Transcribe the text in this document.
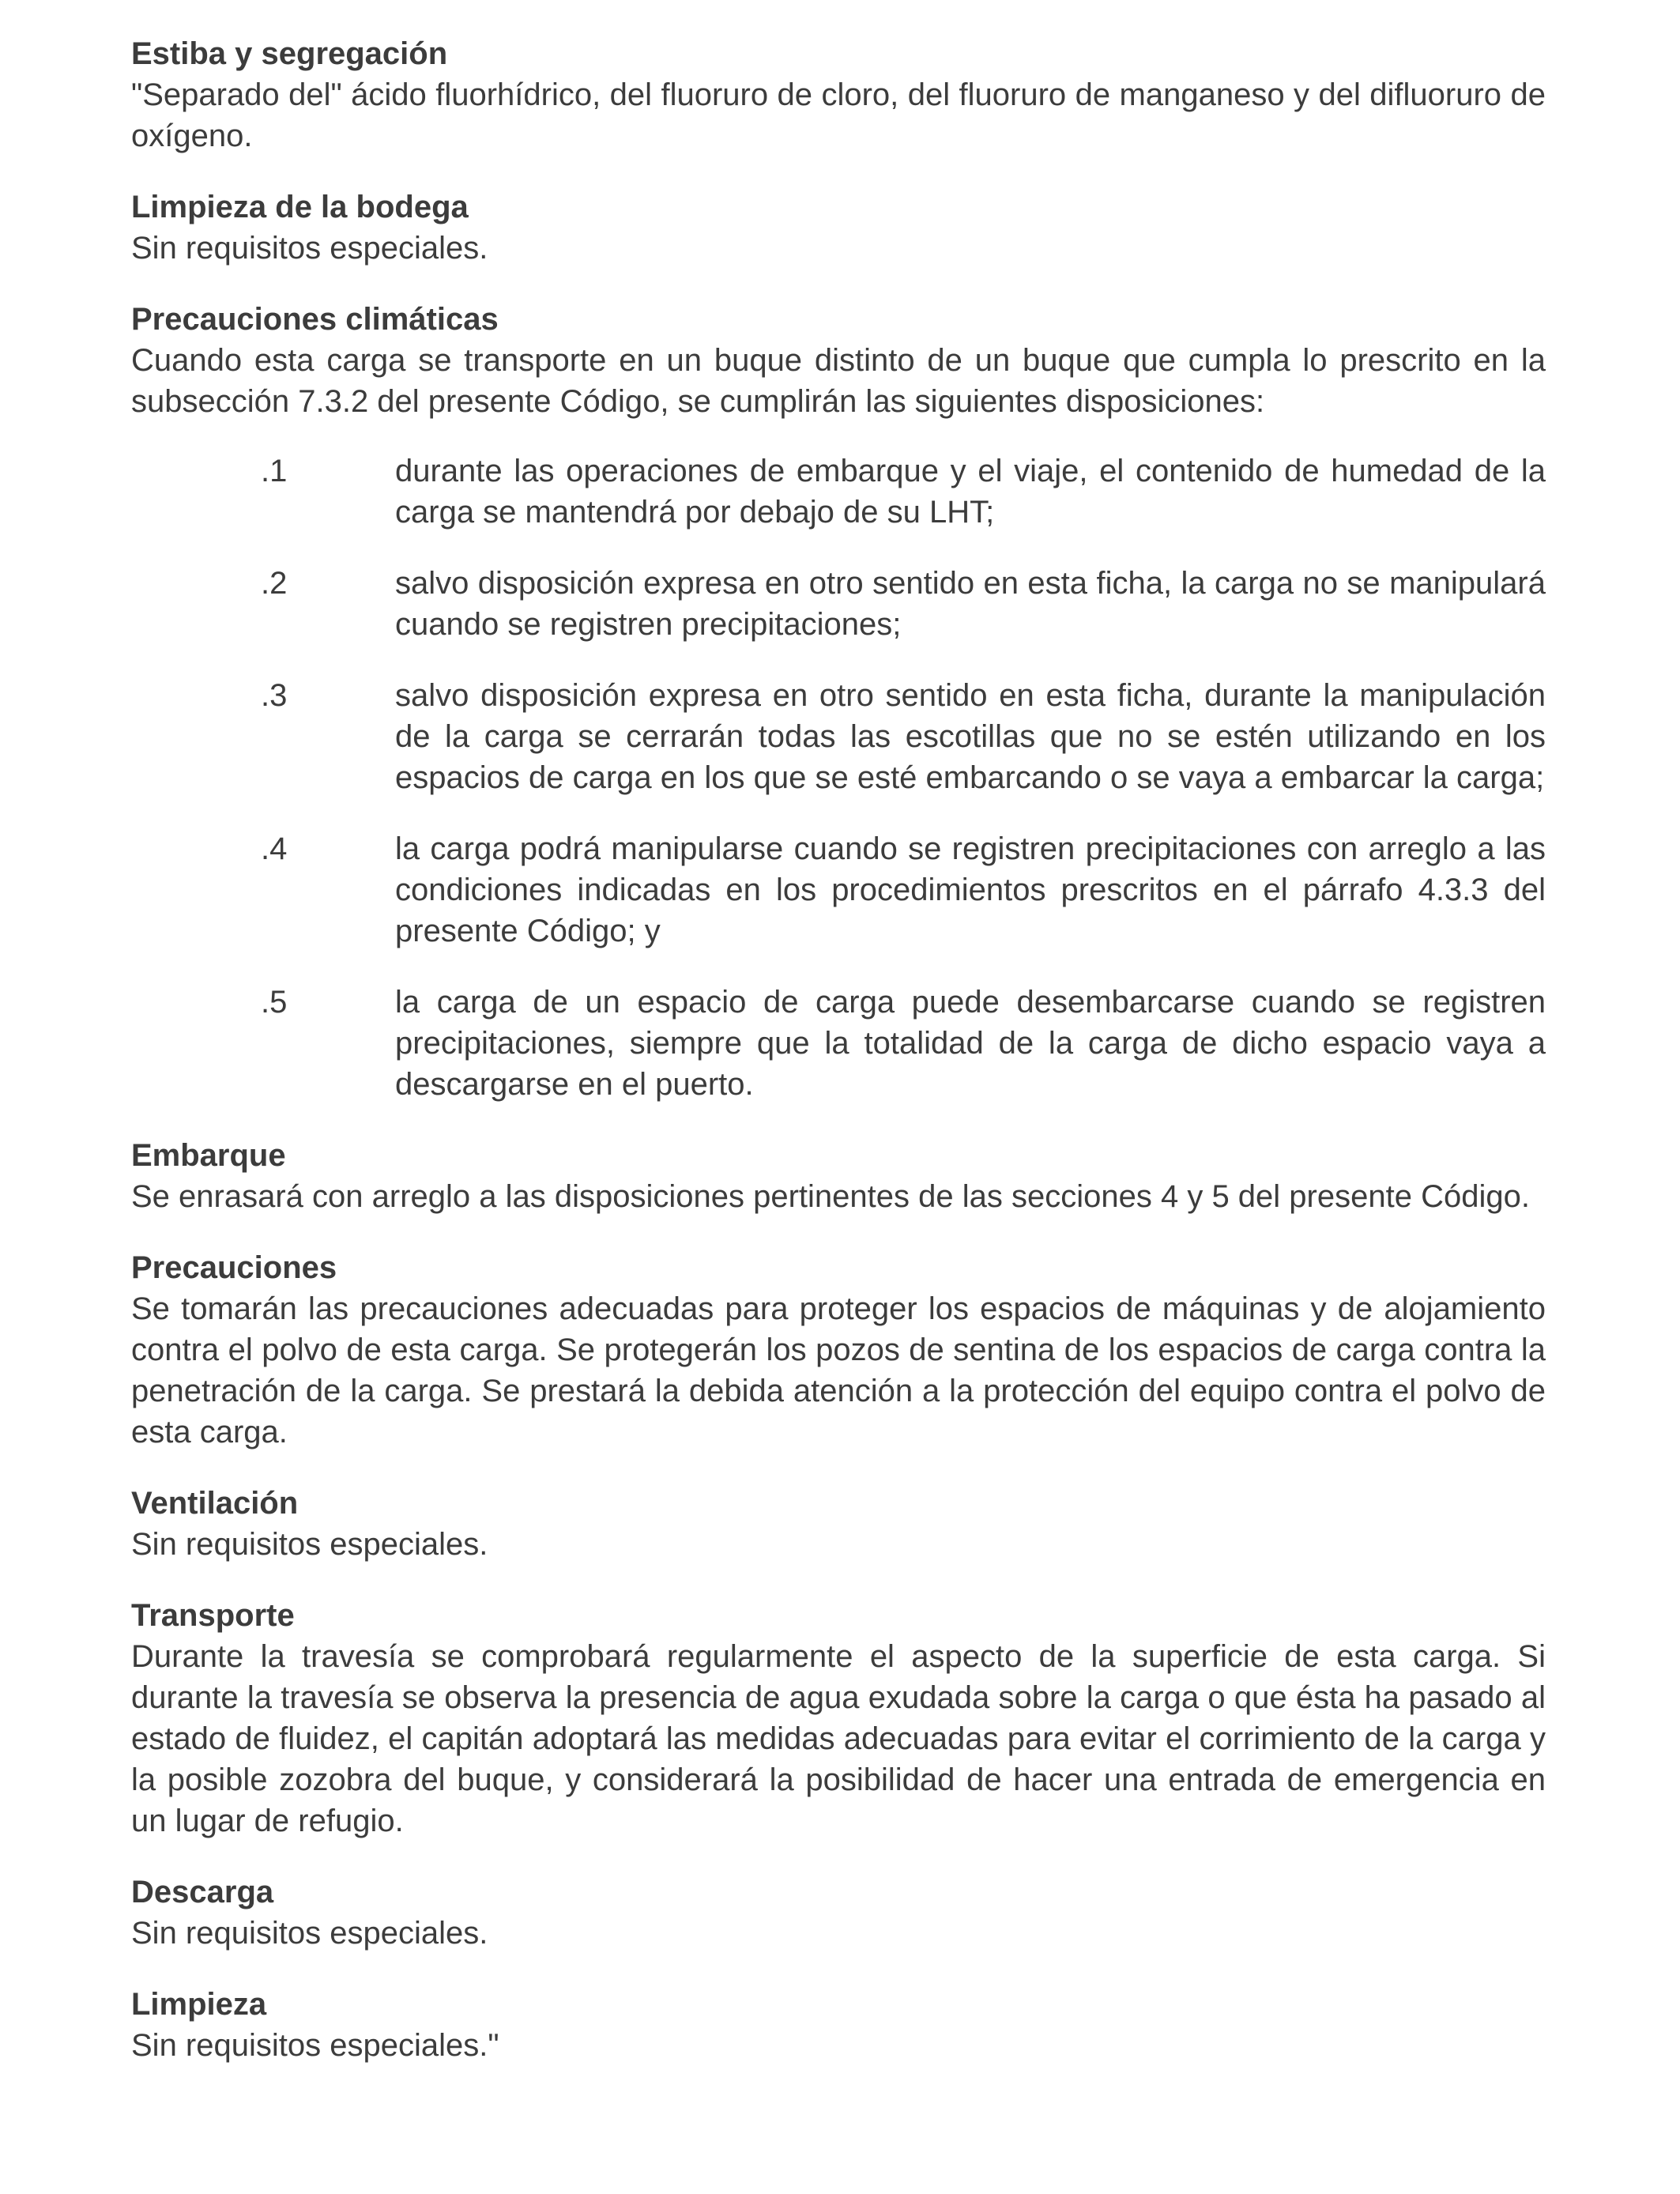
Estiba y segregación

"Separado del" ácido fluorhídrico, del fluoruro de cloro, del fluoruro de manganeso y del difluoruro de oxígeno.

Limpieza de la bodega

Sin requisitos especiales.

Precauciones climáticas

Cuando esta carga se transporte en un buque distinto de un buque que cumpla lo prescrito en la subsección 7.3.2 del presente Código, se cumplirán las siguientes disposiciones:

.1	durante las operaciones de embarque y el viaje, el contenido de humedad de la carga se mantendrá por debajo de su LHT;
.2	salvo disposición expresa en otro sentido en esta ficha, la carga no se manipulará cuando se registren precipitaciones;
.3	salvo disposición expresa en otro sentido en esta ficha, durante la manipulación de la carga se cerrarán todas las escotillas que no se estén utilizando en los espacios de carga en los que se esté embarcando o se vaya a embarcar la carga;
.4	la carga podrá manipularse cuando se registren precipitaciones con arreglo a las condiciones indicadas en los procedimientos prescritos en el párrafo 4.3.3 del presente Código; y
.5	la carga de un espacio de carga puede desembarcarse cuando se registren precipitaciones, siempre que la totalidad de la carga de dicho espacio vaya a descargarse en el puerto.

Embarque

Se enrasará con arreglo a las disposiciones pertinentes de las secciones 4 y 5 del presente Código.

Precauciones

Se tomarán las precauciones adecuadas para proteger los espacios de máquinas y de alojamiento contra el polvo de esta carga. Se protegerán los pozos de sentina de los espacios de carga contra la penetración de la carga. Se prestará la debida atención a la protección del equipo contra el polvo de esta carga.

Ventilación

Sin requisitos especiales.

Transporte

Durante la travesía se comprobará regularmente el aspecto de la superficie de esta carga. Si durante la travesía se observa la presencia de agua exudada sobre la carga o que ésta ha pasado al estado de fluidez, el capitán adoptará las medidas adecuadas para evitar el corrimiento de la carga y la posible zozobra del buque, y considerará la posibilidad de hacer una entrada de emergencia en un lugar de refugio.

Descarga

Sin requisitos especiales.

Limpieza

Sin requisitos especiales."
